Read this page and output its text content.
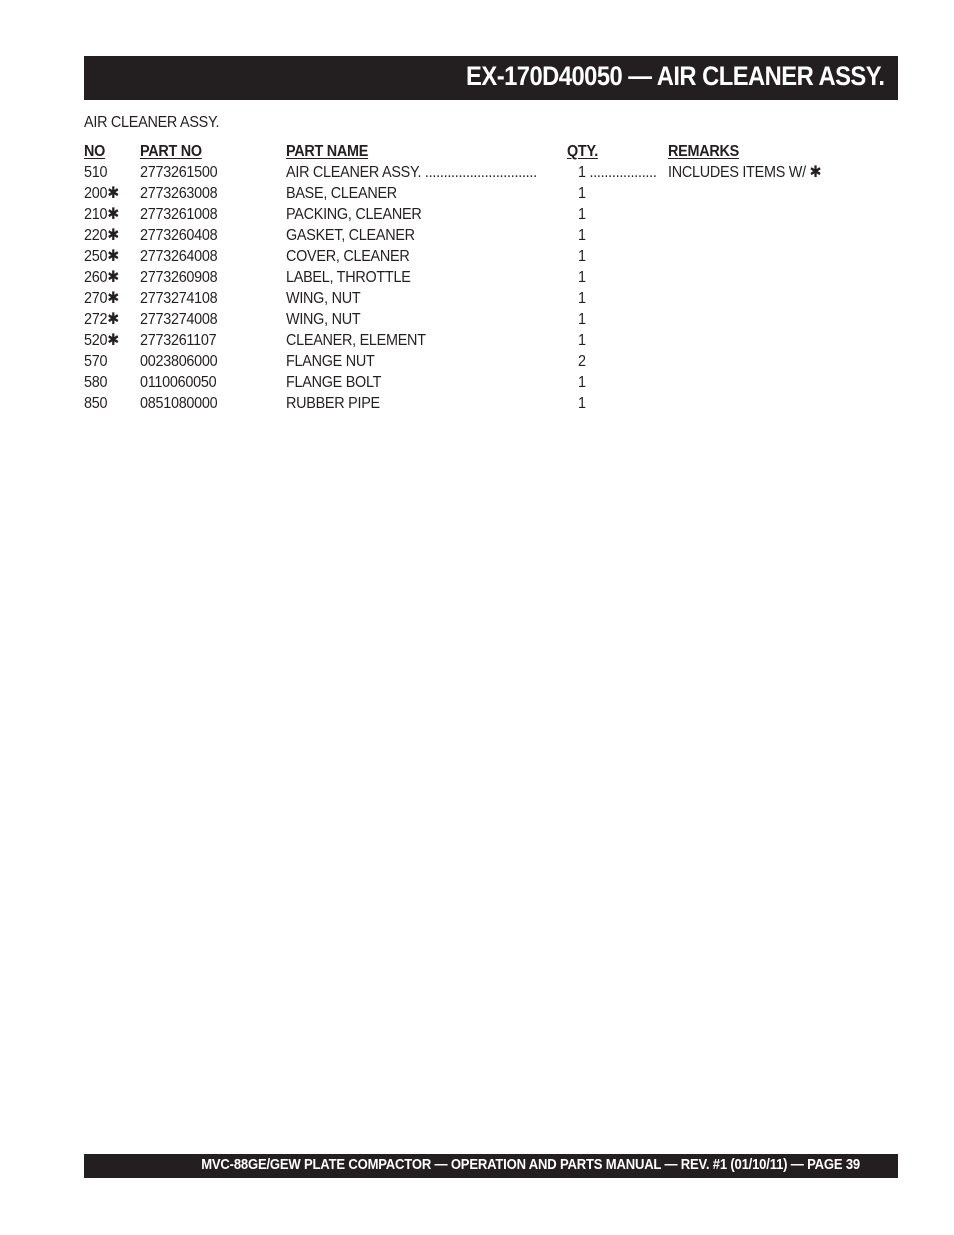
EX-170D40050 — AIR CLEANER ASSY.
AIR CLEANER ASSY.
NO PART NO	PART NAME	QTY.	REMARKS
510 2773261500	AIR CLEANER ASSY. ..............................	1 .................. INCLUDES ITEMS W/ ✱
200✱ 2773263008	BASE, CLEANER	1
210✱ 2773261008	PACKING, CLEANER	1
220✱ 2773260408	GASKET, CLEANER	1
250✱ 2773264008	COVER, CLEANER	1
260✱ 2773260908	LABEL, THROTTLE	1
270✱ 2773274108	WING, NUT	1
272✱ 2773274008	WING, NUT	1
520✱ 2773261107	CLEANER, ELEMENT	1
570 0023806000	FLANGE NUT	2
580 0110060050	FLANGE BOLT	1
850 0851080000	RUBBER PIPE	1
MVC-88GE/GEW PLATE COMPACTOR — OPERATION AND PARTS MANUAL — REV. #1 (01/10/11) — PAGE 39
